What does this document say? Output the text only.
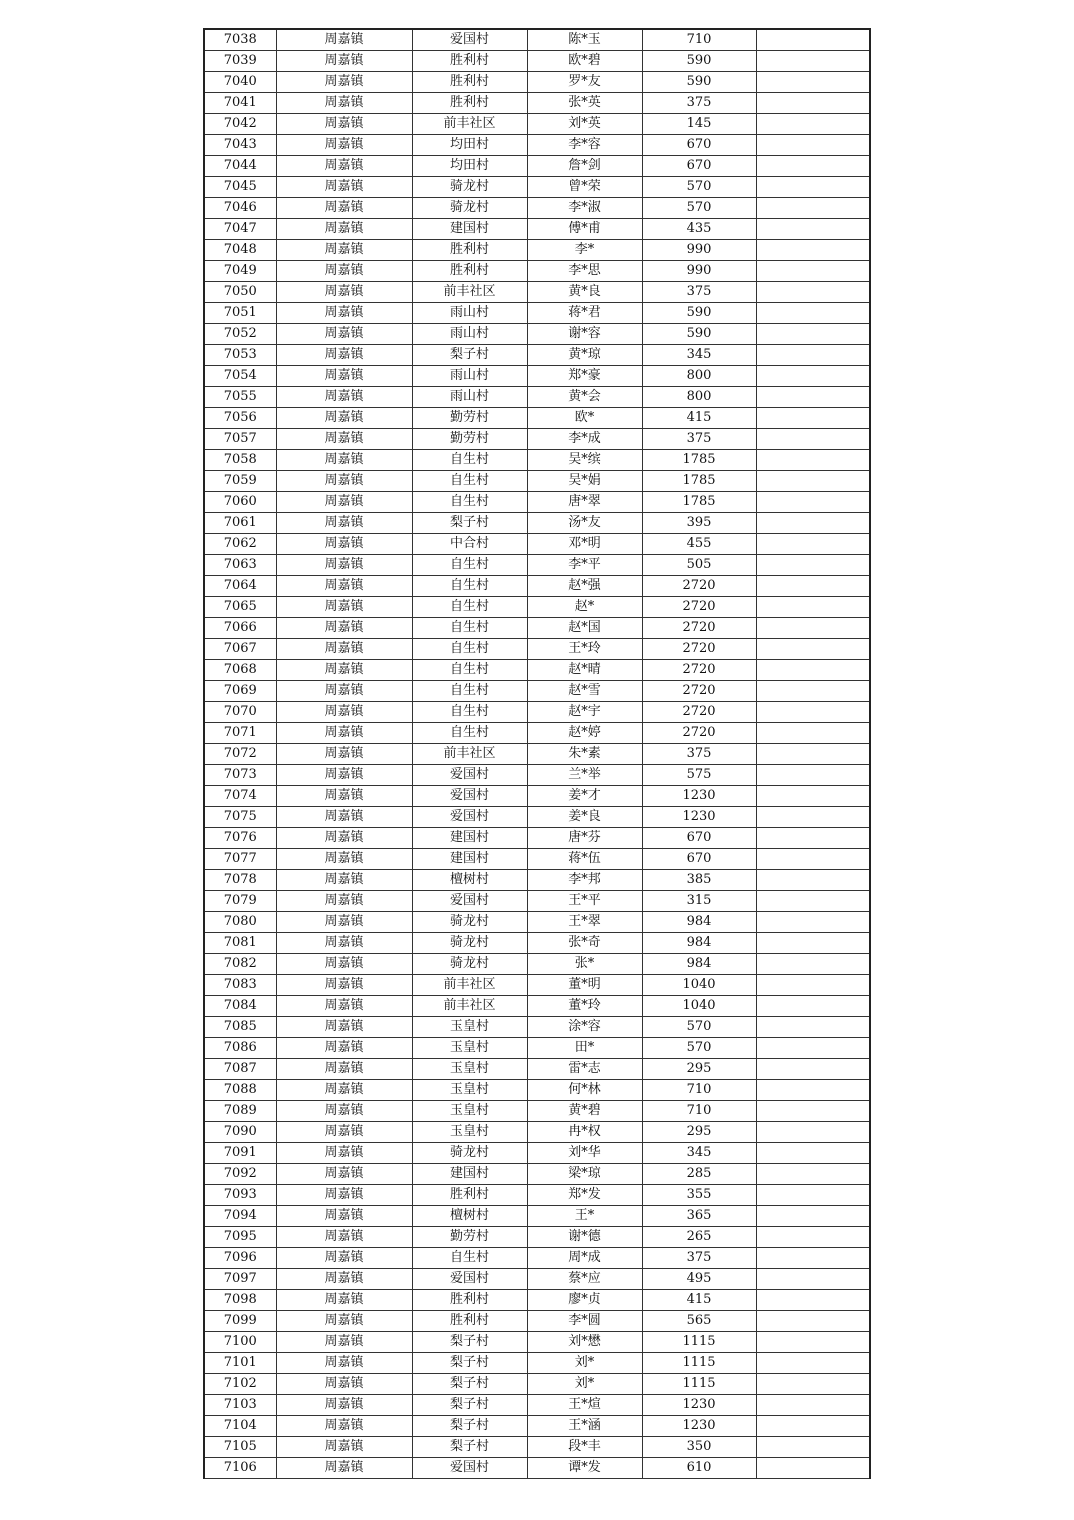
7038	周嘉镇	爱国村	陈*玉	710	
7039	周嘉镇	胜利村	欧*碧	590	
7040	周嘉镇	胜利村	罗*友	590	
7041	周嘉镇	胜利村	张*英	375	
7042	周嘉镇	前丰社区	刘*英	145	
7043	周嘉镇	均田村	李*容	670	
7044	周嘉镇	均田村	詹*剑	670	
7045	周嘉镇	骑龙村	曾*荣	570	
7046	周嘉镇	骑龙村	李*淑	570	
7047	周嘉镇	建国村	傅*甫	435	
7048	周嘉镇	胜利村	李*	990	
7049	周嘉镇	胜利村	李*思	990	
7050	周嘉镇	前丰社区	黄*良	375	
7051	周嘉镇	雨山村	蒋*君	590	
7052	周嘉镇	雨山村	谢*容	590	
7053	周嘉镇	梨子村	黄*琼	345	
7054	周嘉镇	雨山村	郑*豪	800	
7055	周嘉镇	雨山村	黄*会	800	
7056	周嘉镇	勤劳村	欧*	415	
7057	周嘉镇	勤劳村	李*成	375	
7058	周嘉镇	自生村	吴*缤	1785	
7059	周嘉镇	自生村	吴*娟	1785	
7060	周嘉镇	自生村	唐*翠	1785	
7061	周嘉镇	梨子村	汤*友	395	
7062	周嘉镇	中合村	邓*明	455	
7063	周嘉镇	自生村	李*平	505	
7064	周嘉镇	自生村	赵*强	2720	
7065	周嘉镇	自生村	赵*	2720	
7066	周嘉镇	自生村	赵*国	2720	
7067	周嘉镇	自生村	王*玲	2720	
7068	周嘉镇	自生村	赵*晴	2720	
7069	周嘉镇	自生村	赵*雪	2720	
7070	周嘉镇	自生村	赵*宇	2720	
7071	周嘉镇	自生村	赵*婷	2720	
7072	周嘉镇	前丰社区	朱*素	375	
7073	周嘉镇	爱国村	兰*举	575	
7074	周嘉镇	爱国村	姜*才	1230	
7075	周嘉镇	爱国村	姜*良	1230	
7076	周嘉镇	建国村	唐*芬	670	
7077	周嘉镇	建国村	蒋*伍	670	
7078	周嘉镇	檀树村	李*邦	385	
7079	周嘉镇	爱国村	王*平	315	
7080	周嘉镇	骑龙村	王*翠	984	
7081	周嘉镇	骑龙村	张*奇	984	
7082	周嘉镇	骑龙村	张*	984	
7083	周嘉镇	前丰社区	董*明	1040	
7084	周嘉镇	前丰社区	董*玲	1040	
7085	周嘉镇	玉皇村	涂*容	570	
7086	周嘉镇	玉皇村	田*	570	
7087	周嘉镇	玉皇村	雷*志	295	
7088	周嘉镇	玉皇村	何*林	710	
7089	周嘉镇	玉皇村	黄*碧	710	
7090	周嘉镇	玉皇村	冉*权	295	
7091	周嘉镇	骑龙村	刘*华	345	
7092	周嘉镇	建国村	梁*琼	285	
7093	周嘉镇	胜利村	郑*发	355	
7094	周嘉镇	檀树村	王*	365	
7095	周嘉镇	勤劳村	谢*德	265	
7096	周嘉镇	自生村	周*成	375	
7097	周嘉镇	爱国村	蔡*应	495	
7098	周嘉镇	胜利村	廖*贞	415	
7099	周嘉镇	胜利村	李*圆	565	
7100	周嘉镇	梨子村	刘*懋	1115	
7101	周嘉镇	梨子村	刘*	1115	
7102	周嘉镇	梨子村	刘*	1115	
7103	周嘉镇	梨子村	王*煊	1230	
7104	周嘉镇	梨子村	王*涵	1230	
7105	周嘉镇	梨子村	段*丰	350	
7106	周嘉镇	爱国村	谭*发	610	
